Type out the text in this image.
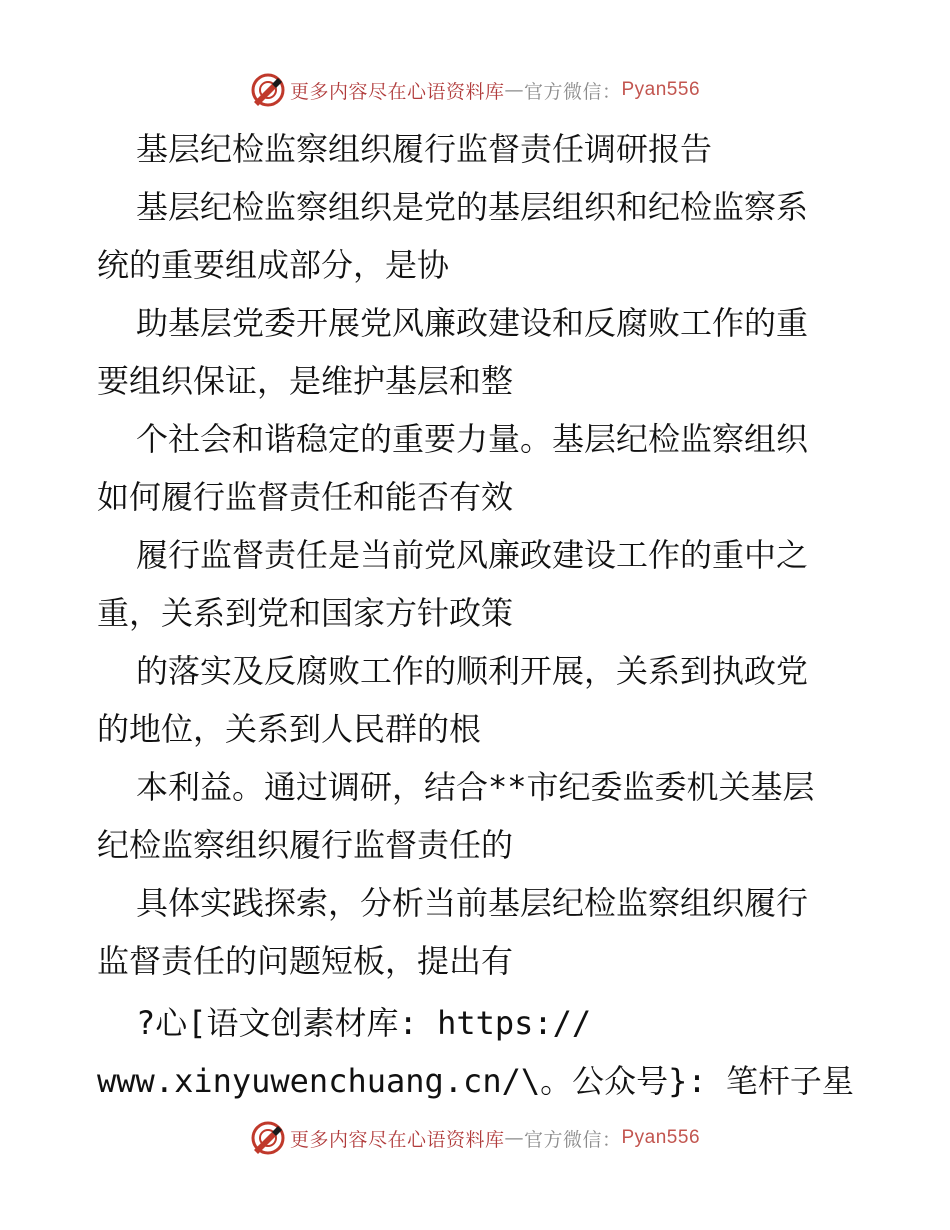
更多内容尽在心语资料库 — 官方微信： Pyan556
基层纪检监察组织履行监督责任调研报告
基层纪检监察组织是党的基层组织和纪检监察系
统的重要组成部分，是协
助基层党委开展党风廉政建设和反腐败工作的重
要组织保证，是维护基层和整
个社会和谐稳定的重要力量。基层纪检监察组织
如何履行监督责任和能否有效
履行监督责任是当前党风廉政建设工作的重中之
重，关系到党和国家方针政策
的落实及反腐败工作的顺利开展，关系到执政党
的地位，关系到人民群的根
本利益。通过调研，结合**市纪委监委机关基层
纪检监察组织履行监督责任的
具体实践探索，分析当前基层纪检监察组织履行
监督责任的问题短板，提出有
?心[语文创素材库: https://
www.xinyuwenchuang.cn/\。公众号}: 笔杆子星
更多内容尽在心语资料库 — 官方微信： Pyan556
